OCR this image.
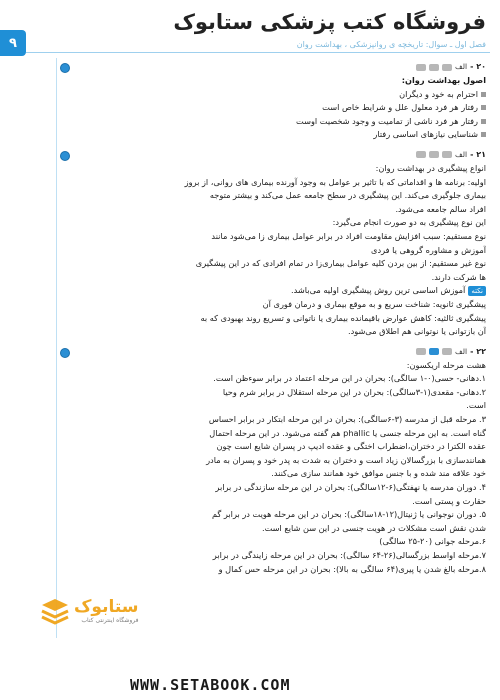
۹
فروشگاه کتب پزشکی ستابوک
فصل اول ـ سوال: تاریخچه ی روانپزشکی ، بهداشت روان
۲۰ -
الف
اصول بهداشت روان:
احترام به خود و دیگران
رفتار هر فرد معلول علل و شرایط خاص است
رفتار هر فرد ناشی از تمامیت و وجود شخصیت اوست
شناسایی نیازهای اساسی رفتار
۲۱ -
الف
انواع پیشگیری در بهداشت روان:
اولیه: برنامه ها و اقداماتی که با تاثیر بر عوامل به وجود آورنده بیماری های روانی، از بروز
بیماری جلوگیری می‌کند. این پیشگیری در سطح جامعه عمل می‌کند و بیشتر متوجه
افراد سالم جامعه می‌شود.
این نوع پیشگیری به دو صورت انجام می‌گیرد:
نوع مستقیم: سبب افزایش مقاومت افراد در برابر عوامل بیماری زا می‌شود مانند
آموزش و مشاوره گروهی یا فردی
نوع غیر مستقیم: از بین بردن کلیه عوامل بیماری‌زا در تمام افرادی که در این پیشگیری
ها شرکت دارند.
نکتهآموزش اساسی ترین روش پیشگیری اولیه می‌باشد.
پیشگیری ثانویه: شناخت سریع و به موقع بیماری و درمان فوری آن
پیشگیری ثالثیه: کاهش عوارض باقیمانده بیماری یا ناتوانی و تسریع روند بهبودی که به
آن بازتوانی یا نوتوانی هم اطلاق می‌شود.
۲۲ -
الف
هشت مرحله اریکسون:
۱.دهانی- حسی(۰-۱ سالگی): بحران در این مرحله اعتماد در برابر سوءظن است.
۲.دهانی- مقعدی(۱-۳سالگی): بحران در این مرحله استقلال در برابر شرم وحیا
است.
۳. مرحله قبل از مدرسه (۳-۶سالگی): بحران در این مرحله ابتکار در برابر احساس
گناه است. به این مرحله جنسی یا phallic هم گفته می‌شود. در این مرحله احتمال
عقده الکترا در دختران،اضطراب اختگی و عقده ادیپ در پسران شایع است چون
همانندسازی با بزرگسالان زیاد است و دختران به شدت به پدر خود و پسران به مادر
خود علاقه مند شده و با جنس موافق خود همانند سازی می‌کنند.
۴. دوران مدرسه یا نهفتگی(۶-۱۲سالگی): بحران در این مرحله سازندگی در برابر
حقارت و پستی است.
۵. دوران نوجوانی یا ژنیتال(۱۲-۱۸سالگی): بحران در این مرحله هویت در برابر گم
شدن نقش است مشکلات در هویت جنسی در این سن شایع است.
۶.مرحله جوانی (۲۰-۲۵ سالگی)
۷.مرحله اواسط بزرگسالی(۲۶-۶۴ سالگی): بحران در این مرحله زایندگی در برابر
۸.مرحله بالغ شدن یا پیری(۶۴ سالگی به بالا): بحران در این مرحله حس کمال و
ستابوک
فروشگاه اینترنتی کتاب
WWW.SETABOOK.COM
